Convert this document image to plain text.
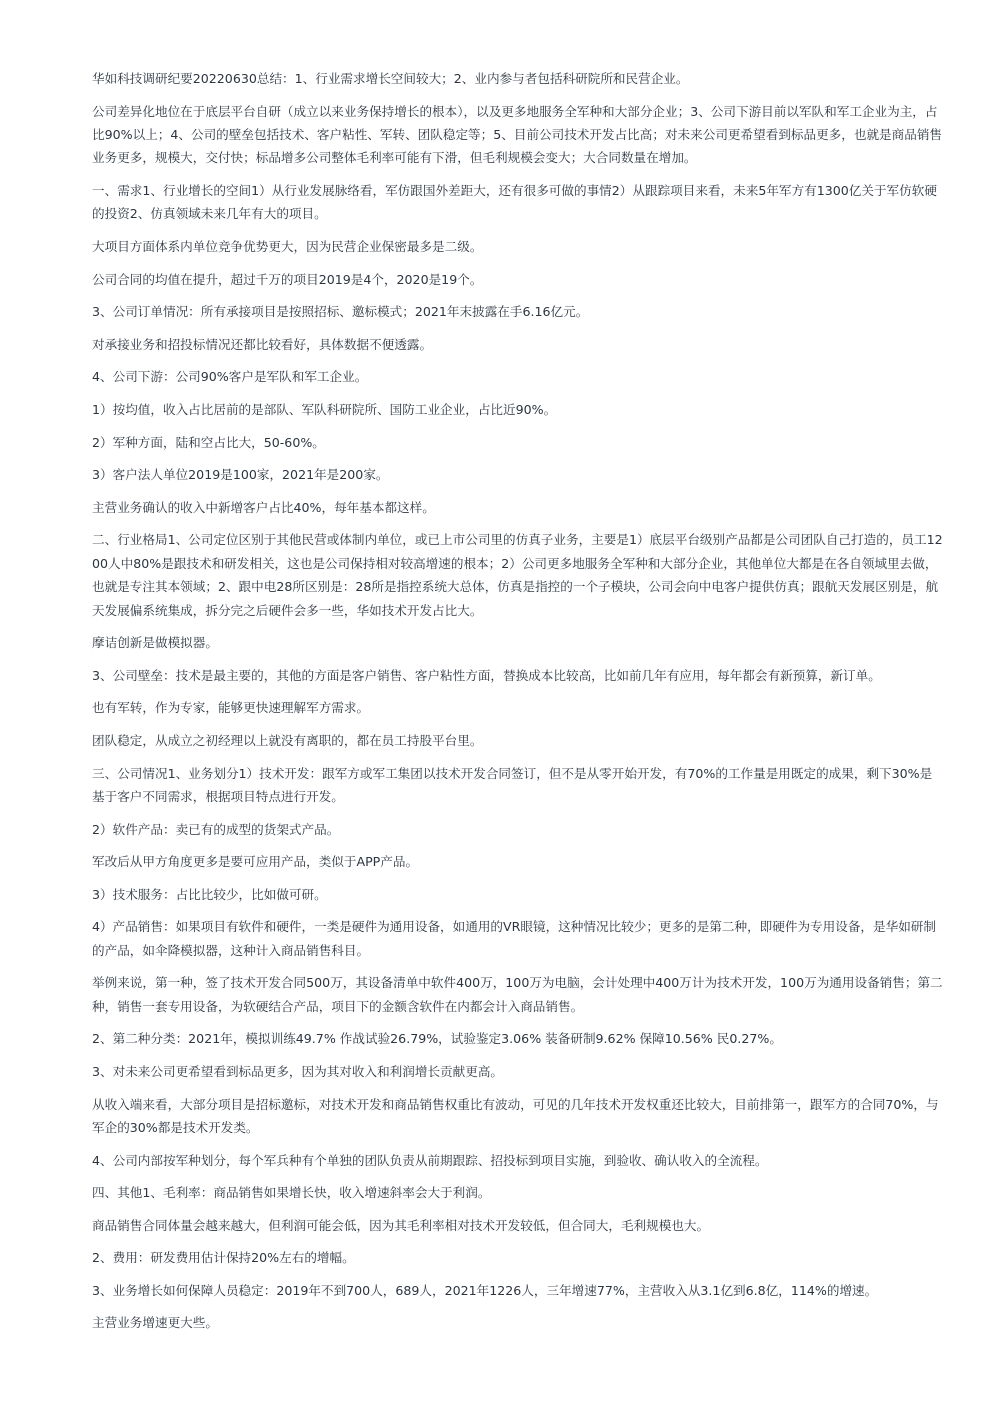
华如科技调研纪要20220630总结：1、行业需求增长空间较大；2、业内参与者包括科研院所和民营企业。

公司差异化地位在于底层平台自研（成立以来业务保持增长的根本），以及更多地服务全军种和大部分企业；3、公司下游目前以军队和军工企业为主，占比90%以上；4、公司的壁垒包括技术、客户粘性、军转、团队稳定等；5、目前公司技术开发占比高；对未来公司更希望看到标品更多，也就是商品销售业务更多，规模大，交付快；标品增多公司整体毛利率可能有下滑，但毛利规模会变大；大合同数量在增加。

一、需求1、行业增长的空间1）从行业发展脉络看，军仿跟国外差距大，还有很多可做的事情2）从跟踪项目来看，未来5年军方有1300亿关于军仿软硬的投资2、仿真领域未来几年有大的项目。

大项目方面体系内单位竞争优势更大，因为民营企业保密最多是二级。

公司合同的均值在提升，超过千万的项目2019是4个，2020是19个。

3、公司订单情况：所有承接项目是按照招标、邀标模式；2021年末披露在手6.16亿元。

对承接业务和招投标情况还都比较看好，具体数据不便透露。

4、公司下游：公司90%客户是军队和军工企业。

1）按均值，收入占比居前的是部队、军队科研院所、国防工业企业，占比近90%。

2）军种方面，陆和空占比大，50-60%。

3）客户法人单位2019是100家，2021年是200家。

主营业务确认的收入中新增客户占比40%，每年基本都这样。

二、行业格局1、公司定位区别于其他民营或体制内单位，或已上市公司里的仿真子业务，主要是1）底层平台级别产品都是公司团队自己打造的，员工1200人中80%是跟技术和研发相关，这也是公司保持相对较高增速的根本；2）公司更多地服务全军种和大部分企业，其他单位大都是在各自领域里去做，也就是专注其本领域；2、跟中电28所区别是：28所是指控系统大总体，仿真是指控的一个子模块，公司会向中电客户提供仿真；跟航天发展区别是，航天发展偏系统集成，拆分完之后硬件会多一些，华如技术开发占比大。

摩诘创新是做模拟器。

3、公司壁垒：技术是最主要的，其他的方面是客户销售、客户粘性方面，替换成本比较高，比如前几年有应用，每年都会有新预算，新订单。

也有军转，作为专家，能够更快速理解军方需求。

团队稳定，从成立之初经理以上就没有离职的，都在员工持股平台里。

三、公司情况1、业务划分1）技术开发：跟军方或军工集团以技术开发合同签订，但不是从零开始开发，有70%的工作量是用既定的成果，剩下30%是基于客户不同需求，根据项目特点进行开发。

2）软件产品：卖已有的成型的货架式产品。

军改后从甲方角度更多是要可应用产品，类似于APP产品。

3）技术服务：占比比较少，比如做可研。

4）产品销售：如果项目有软件和硬件，一类是硬件为通用设备，如通用的VR眼镜，这种情况比较少；更多的是第二种，即硬件为专用设备，是华如研制的产品，如伞降模拟器，这种计入商品销售科目。

举例来说，第一种，签了技术开发合同500万，其设备清单中软件400万，100万为电脑，会计处理中400万计为技术开发，100万为通用设备销售；第二种，销售一套专用设备，为软硬结合产品，项目下的金额含软件在内都会计入商品销售。

2、第二种分类：2021年，模拟训练49.7% 作战试验26.79%，试验鉴定3.06% 装备研制9.62% 保障10.56% 民0.27%。

3、对未来公司更希望看到标品更多，因为其对收入和利润增长贡献更高。

从收入端来看，大部分项目是招标邀标，对技术开发和商品销售权重比有波动，可见的几年技术开发权重还比较大，目前排第一，跟军方的合同70%，与军企的30%都是技术开发类。

4、公司内部按军种划分，每个军兵种有个单独的团队负责从前期跟踪、招投标到项目实施，到验收、确认收入的全流程。

四、其他1、毛利率：商品销售如果增长快，收入增速斜率会大于利润。

商品销售合同体量会越来越大，但利润可能会低，因为其毛利率相对技术开发较低，但合同大，毛利规模也大。

2、费用：研发费用估计保持20%左右的增幅。

3、业务增长如何保障人员稳定：2019年不到700人，689人，2021年1226人，三年增速77%，主营收入从3.1亿到6.8亿，114%的增速。

主营业务增速更大些。
